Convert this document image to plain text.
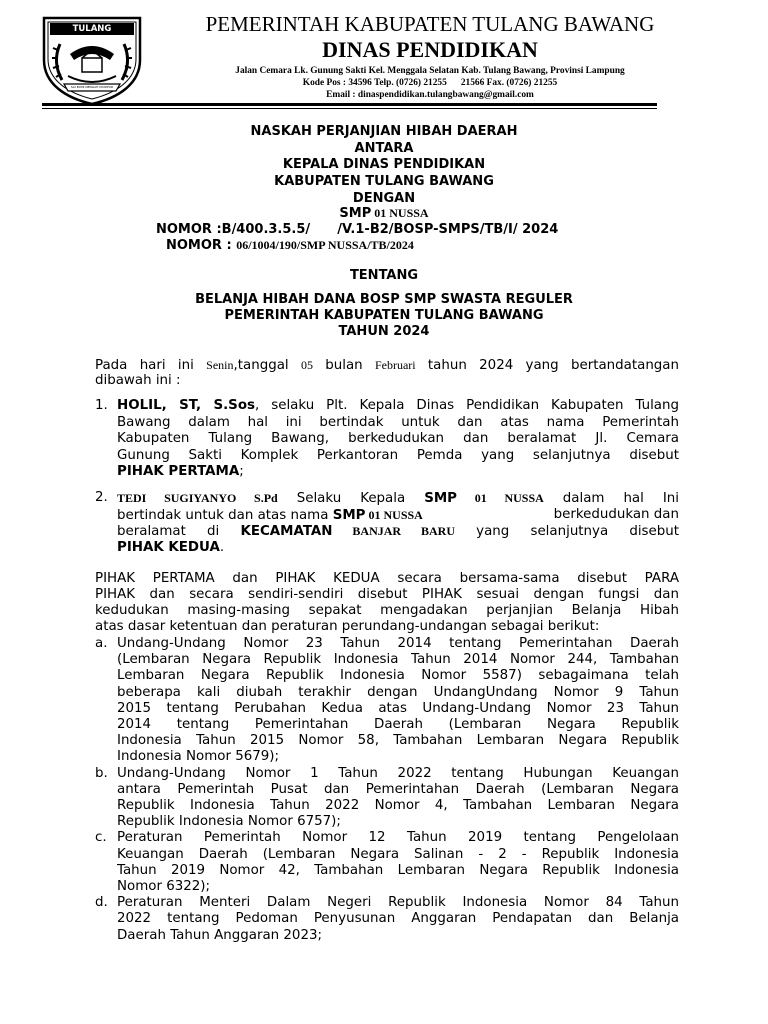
TULANG BAWANG
SAI BUMI NENGAH NYAPPUR
PEMERINTAH KABUPATEN TULANG BAWANG
DINAS PENDIDIKAN
Jalan Cemara Lk. Gunung Sakti Kel. Menggala Selatan Kab. Tulang Bawang, Provinsi Lampung
Kode Pos : 34596 Telp. (0726) 21255      21566 Fax. (0726) 21255
Email : dinaspendidikan.tulangbawang@gmail.com
NASKAH PERJANJIAN HIBAH DAERAH
ANTARA
KEPALA DINAS PENDIDIKAN
KABUPATEN TULANG BAWANG
DENGAN
SMP 01 NUSSA
NOMOR :B/400.3.5.5/      /V.1-B2/BOSP-SMPS/TB/I/ 2024
NOMOR : 06/1004/190/SMP NUSSA/TB/2024
TENTANG
BELANJA HIBAH DANA BOSP SMP SWASTA REGULER
PEMERINTAH KABUPATEN TULANG BAWANG
TAHUN 2024
Pada hari ini Senin,tanggal 05 bulan Februari tahun 2024 yang bertandatangan
dibawah ini :
1. HOLIL, ST, S.Sos, selaku Plt. Kepala Dinas Pendidikan Kabupaten Tulang
Bawang dalam hal ini bertindak untuk dan atas nama Pemerintah
Kabupaten Tulang Bawang, berkedudukan dan beralamat Jl. Cemara
Gunung Sakti Komplek Perkantoran Pemda yang selanjutnya disebut
PIHAK PERTAMA;
2. TEDI SUGIYANYO S.Pd Selaku Kepala SMP 01 NUSSA dalam hal Ini
bertindak untuk dan atas nama SMP 01 NUSSA	berkedudukan dan
beralamat di KECAMATAN BANJAR BARU yang selanjutnya disebut
PIHAK KEDUA.
PIHAK PERTAMA dan PIHAK KEDUA secara bersama-sama disebut PARA
PIHAK dan secara sendiri-sendiri disebut PIHAK sesuai dengan fungsi dan
kedudukan masing-masing sepakat mengadakan perjanjian Belanja Hibah
atas dasar ketentuan dan peraturan perundang-undangan sebagai berikut:
a. Undang-Undang Nomor 23 Tahun 2014 tentang Pemerintahan Daerah
(Lembaran Negara Republik Indonesia Tahun 2014 Nomor 244, Tambahan
Lembaran Negara Republik Indonesia Nomor 5587) sebagaimana telah
beberapa kali diubah terakhir dengan UndangUndang Nomor 9 Tahun
2015 tentang Perubahan Kedua atas Undang-Undang Nomor 23 Tahun
2014 tentang Pemerintahan Daerah (Lembaran Negara Republik
Indonesia Tahun 2015 Nomor 58, Tambahan Lembaran Negara Republik
Indonesia Nomor 5679);
b. Undang-Undang Nomor 1 Tahun 2022 tentang Hubungan Keuangan
antara Pemerintah Pusat dan Pemerintahan Daerah (Lembaran Negara
Republik Indonesia Tahun 2022 Nomor 4, Tambahan Lembaran Negara
Republik Indonesia Nomor 6757);
c. Peraturan Pemerintah Nomor 12 Tahun 2019 tentang Pengelolaan
Keuangan Daerah (Lembaran Negara Salinan - 2 - Republik Indonesia
Tahun 2019 Nomor 42, Tambahan Lembaran Negara Republik Indonesia
Nomor 6322);
d. Peraturan Menteri Dalam Negeri Republik Indonesia Nomor 84 Tahun
2022 tentang Pedoman Penyusunan Anggaran Pendapatan dan Belanja
Daerah Tahun Anggaran 2023;
